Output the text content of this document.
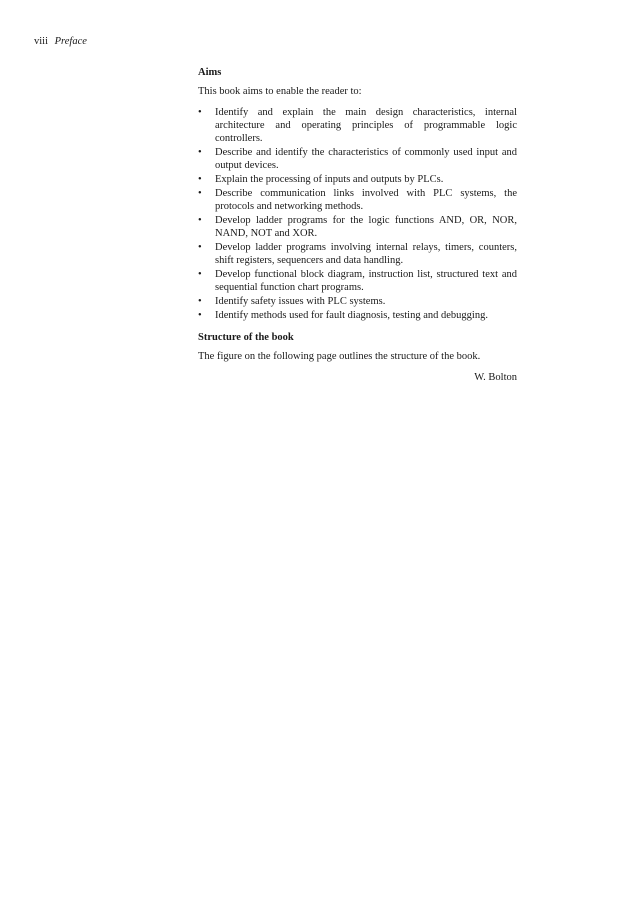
viii Preface
Aims
This book aims to enable the reader to:
• Identify and explain the main design characteristics, internal architecture and operating principles of programmable logic controllers.
• Describe and identify the characteristics of commonly used input and output devices.
• Explain the processing of inputs and outputs by PLCs.
• Describe communication links involved with PLC systems, the protocols and networking methods.
• Develop ladder programs for the logic functions AND, OR, NOR, NAND, NOT and XOR.
• Develop ladder programs involving internal relays, timers, counters, shift registers, sequencers and data handling.
• Develop functional block diagram, instruction list, structured text and sequential function chart programs.
• Identify safety issues with PLC systems.
• Identify methods used for fault diagnosis, testing and debugging.
Structure of the book
The figure on the following page outlines the structure of the book.
W. Bolton
